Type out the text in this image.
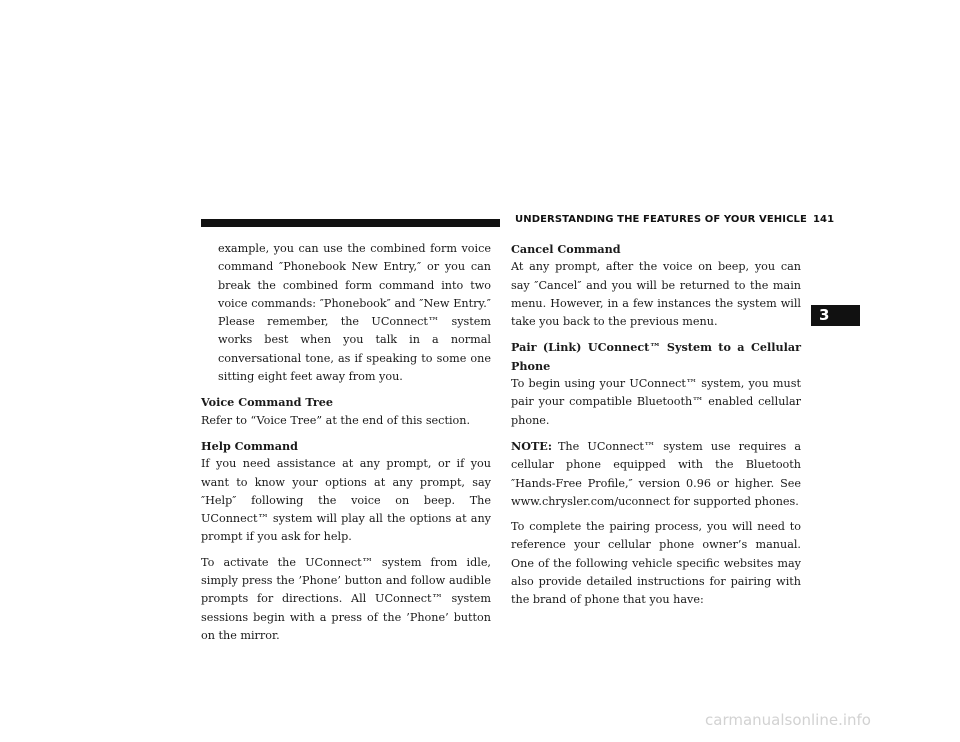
UNDERSTANDING THE FEATURES OF YOUR VEHICLE 141
3

example, you can use the combined form voice command ″Phonebook New Entry,″ or you can break the combined form command into two voice commands: ″Phonebook″ and ″New Entry.″ Please remember, the UConnect™ system works best when you talk in a normal conversational tone, as if speaking to some one sitting eight feet away from you.

Voice Command Tree
Refer to “Voice Tree” at the end of this section.

Help Command
If you need assistance at any prompt, or if you want to know your options at any prompt, say ″Help″ following the voice on beep. The UConnect™ system will play all the options at any prompt if you ask for help.

To activate the UConnect™ system from idle, simply press the ’Phone’ button and follow audible prompts for directions. All UConnect™ system sessions begin with a press of the ’Phone’ button on the mirror.

Cancel Command
At any prompt, after the voice on beep, you can say ″Cancel″ and you will be returned to the main menu. However, in a few instances the system will take you back to the previous menu.

Pair (Link) UConnect™ System to a Cellular Phone
To begin using your UConnect™ system, you must pair your compatible Bluetooth™ enabled cellular phone.

NOTE: The UConnect™ system use requires a cellular phone equipped with the Bluetooth ″Hands-Free Profile,″ version 0.96 or higher. See www.chrysler.com/uconnect for supported phones.

To complete the pairing process, you will need to reference your cellular phone owner’s manual. One of the following vehicle specific websites may also provide detailed instructions for pairing with the brand of phone that you have:

carmanualsonline.info
